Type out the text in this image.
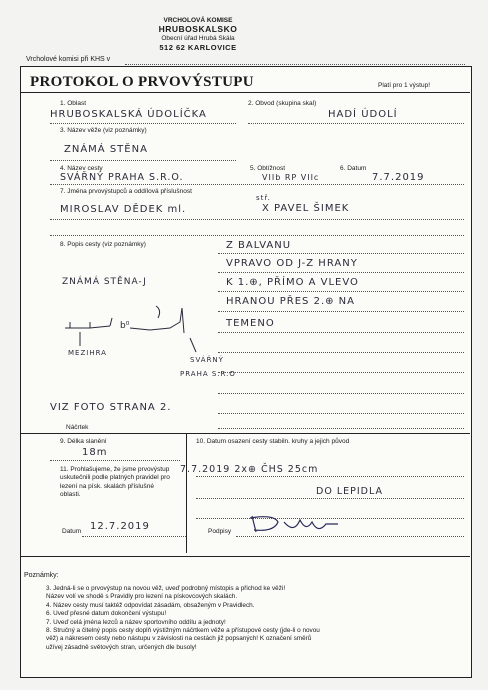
VRCHOLOVÁ KOMISE
HRUBOSKALSKO
Obecní úřad Hrubá Skála
512 62 KARLOVICE
Vrcholové komisi při KHS v
PROTOKOL O PRVOVÝSTUPU	Platí pro 1 výstup!
1. Oblast	2. Obvod (skupina skal)
HRUBOSKALSKÁ ÚDOLÍČKA	HADÍ ÚDOLÍ
3. Název věže (viz poznámky)
ZNÁMÁ STĚNA
4. Název cesty	5. Obtížnost	6. Datum
SVÁŘNÝ PRAHA S.R.O.	VIIb RP VIIc	7.7.2019
7. Jména prvovýstupců a oddílová příslušnost
MIROSLAV DĚDEK ml.
stř.
X PAVEL ŠIMEK
8. Popis cesty (viz poznámky)	Z BALVANU
VPRAVO OD J-Z HRANY
K 1.⊕, PŘÍMO A VLEVO
HRANOU PŘES 2.⊕ NA
TEMENO
ZNÁMÁ STĚNA-J
b⁰
MEZIHRA
SVÁŘNÝ
PRAHA S.R.O
VIZ FOTO STRANA 2.
Náčrtek
9. Délka slanění
18m
10. Datum osazení cesty stabiln. kruhy a jejich původ
7.7.2019 2x⊕ ČHS 25cm
DO LEPIDLA
11. Prohlašujeme, že jsme prvovýstup uskutečnili podle platných pravidel pro lezení na písk. skalách příslušné oblasti.
Datum 12.7.2019	Podpisy
Poznámky:
3. Jedná-li se o prvovýstup na novou věž, uveď podrobný místopis a přichod ke věži!
Název volí ve shodě s Pravidly pro lezení na pískovcových skalách.
4. Název cesty musí taktéž odpovídat zásadám, obsaženým v Pravidlech.
6. Uveď přesné datum dokončení výstupu!
7. Uveď celá jména lezců a název sportovního oddílu a jednoty!
8. Stručný a čitelný popis cesty doplň výstižným náčrtkem věže a přístupové cesty (jde-li o novou
věž) a nákresem cesty nebo nástupu v závislosti na cestách již popsaných! K označení směrů
užívej zásadně světových stran, určených dle busoly!
